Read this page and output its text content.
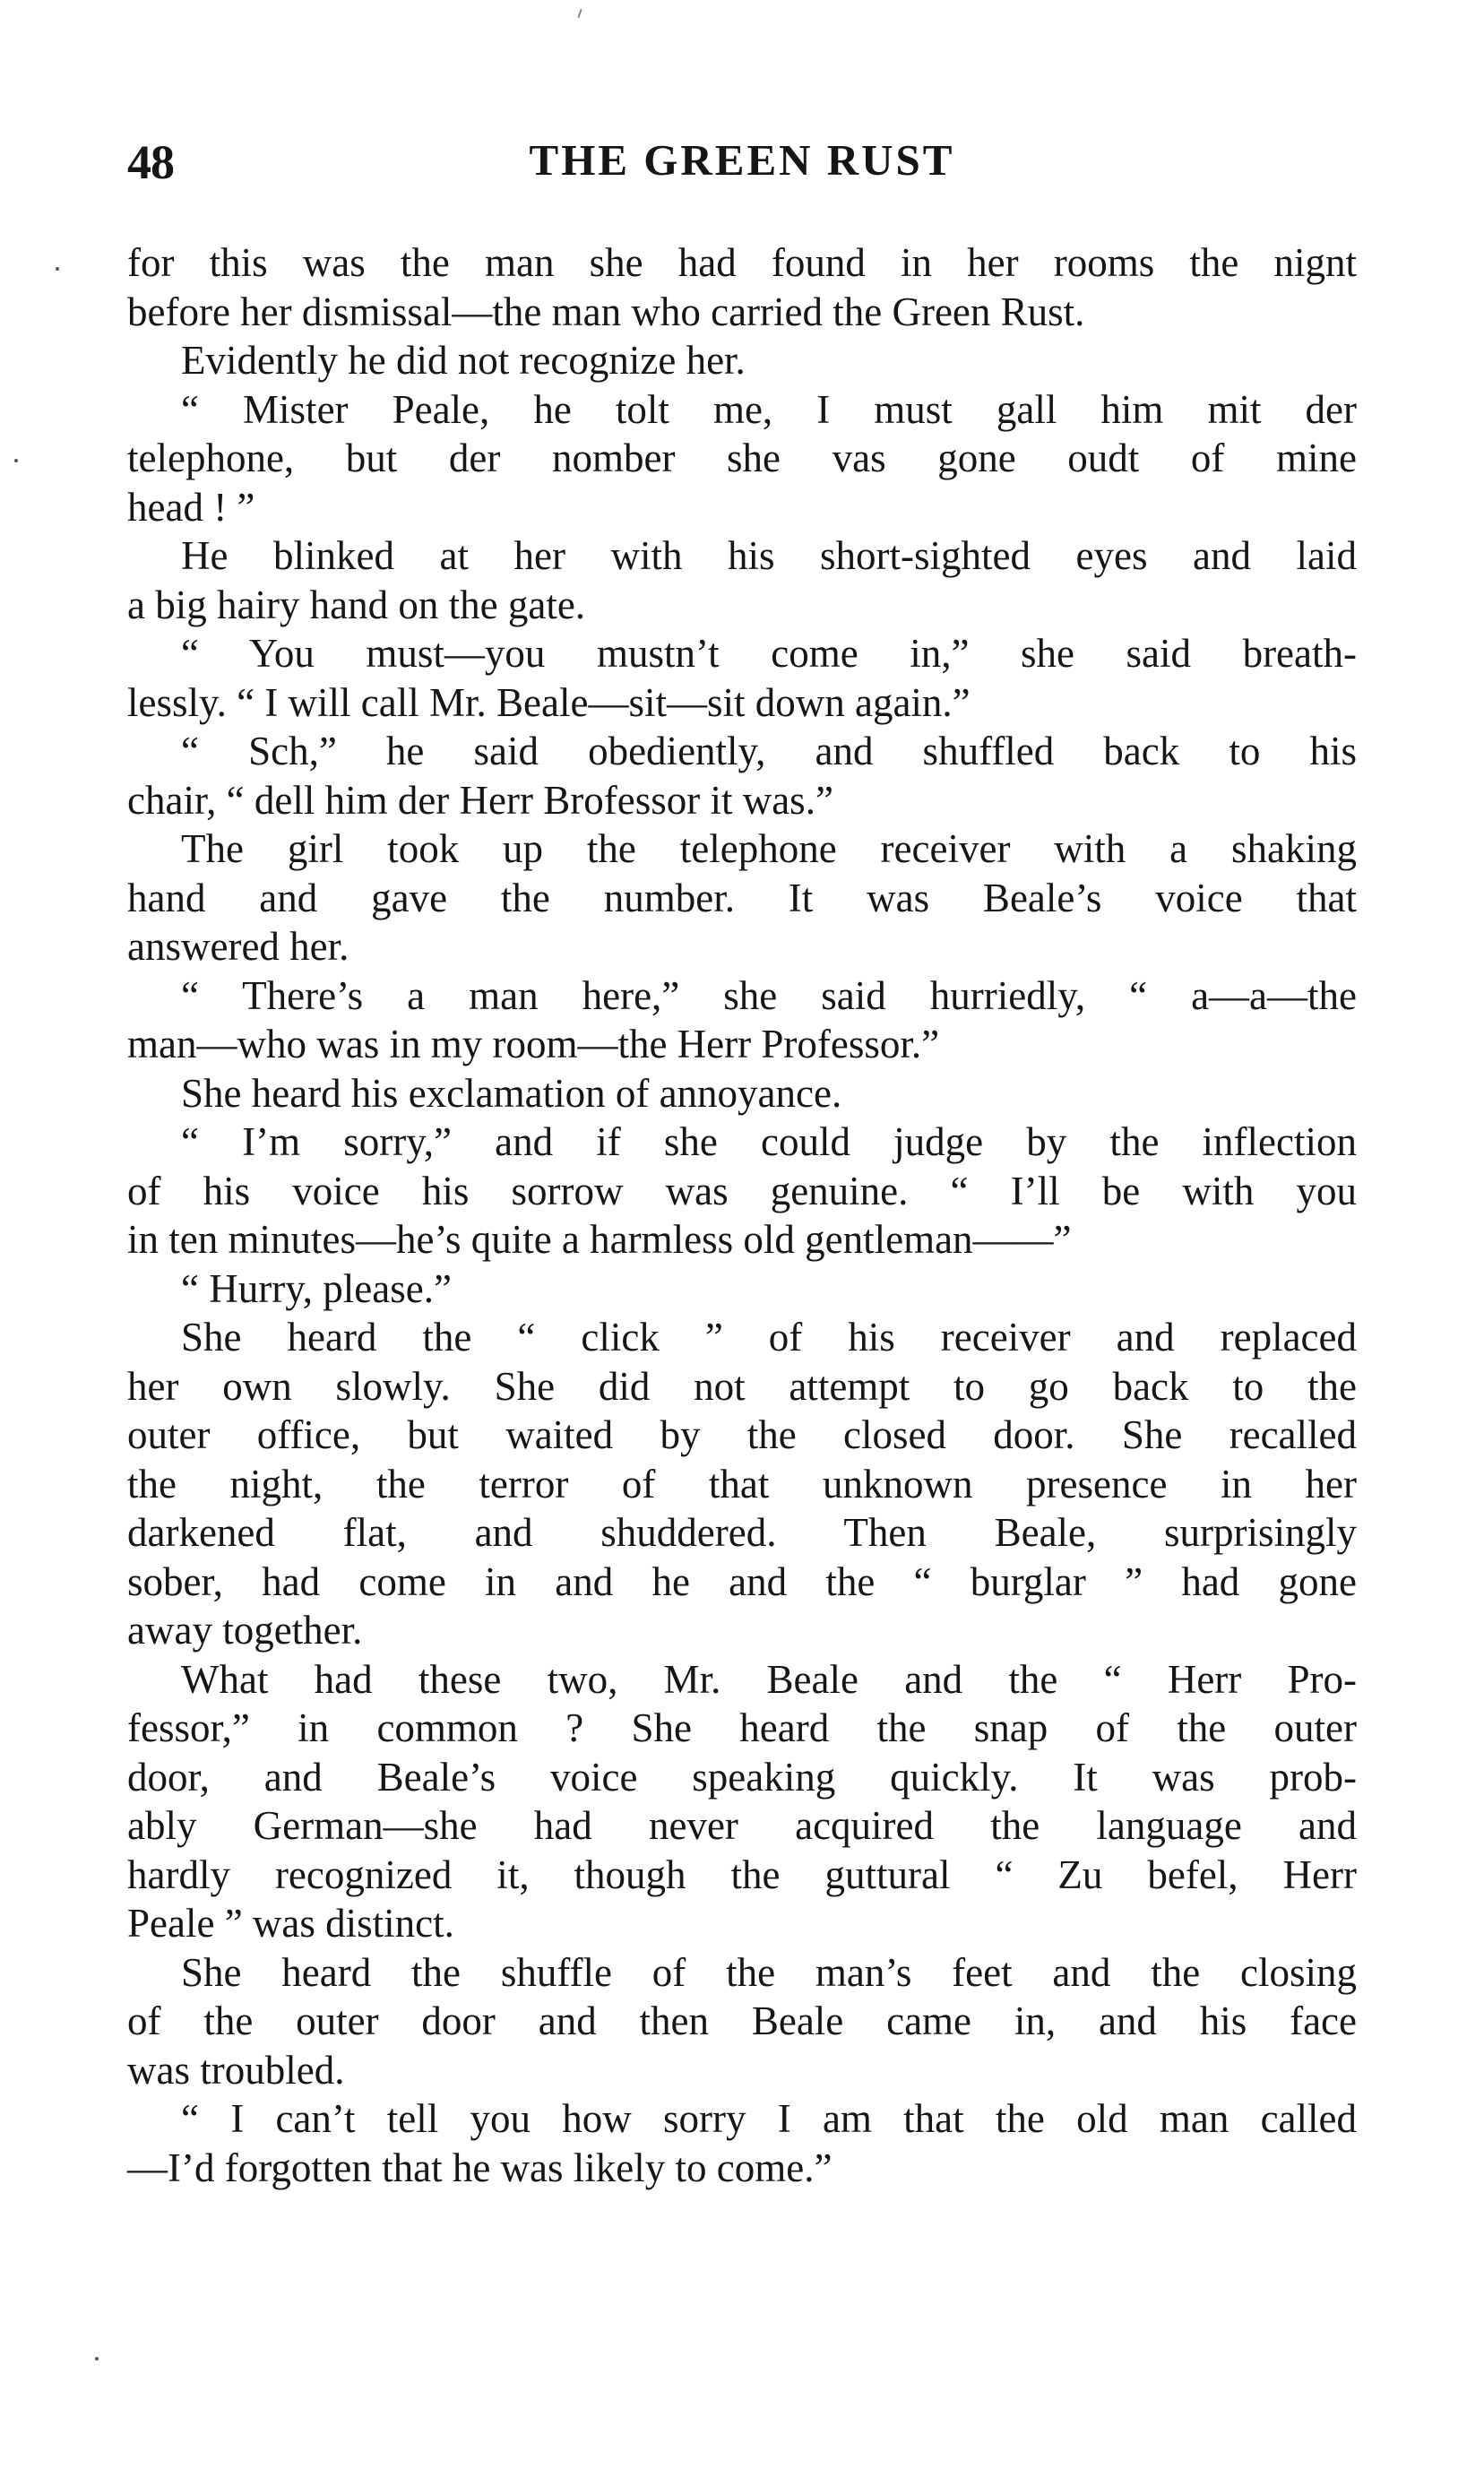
48	THE GREEN RUST
for this was the man she had found in her rooms the nignt
before her dismissal—the man who carried the Green Rust.
Evidently he did not recognize her.
“ Mister Peale, he tolt me, I must gall him mit der
telephone, but der nomber she vas gone oudt of mine
head ! ”
He blinked at her with his short-sighted eyes and laid
a big hairy hand on the gate.
“ You must—you mustn’t come in,” she said breath-
lessly. “ I will call Mr. Beale—sit—sit down again.”
“ Sch,” he said obediently, and shuffled back to his
chair, “ dell him der Herr Brofessor it was.”
The girl took up the telephone receiver with a shaking
hand and gave the number. It was Beale’s voice that
answered her.
“ There’s a man here,” she said hurriedly, “ a—a—the
man—who was in my room—the Herr Professor.”
She heard his exclamation of annoyance.
“ I’m sorry,” and if she could judge by the inflection
of his voice his sorrow was genuine. “ I’ll be with you
in ten minutes—he’s quite a harmless old gentleman——”
“ Hurry, please.”
She heard the “ click ” of his receiver and replaced
her own slowly. She did not attempt to go back to the
outer office, but waited by the closed door. She recalled
the night, the terror of that unknown presence in her
darkened flat, and shuddered. Then Beale, surprisingly
sober, had come in and he and the “ burglar ” had gone
away together.
What had these two, Mr. Beale and the “ Herr Pro-
fessor,” in common ? She heard the snap of the outer
door, and Beale’s voice speaking quickly. It was prob-
ably German—she had never acquired the language and
hardly recognized it, though the guttural “ Zu befel, Herr
Peale ” was distinct.
She heard the shuffle of the man’s feet and the closing
of the outer door and then Beale came in, and his face
was troubled.
“ I can’t tell you how sorry I am that the old man called
—I’d forgotten that he was likely to come.”
